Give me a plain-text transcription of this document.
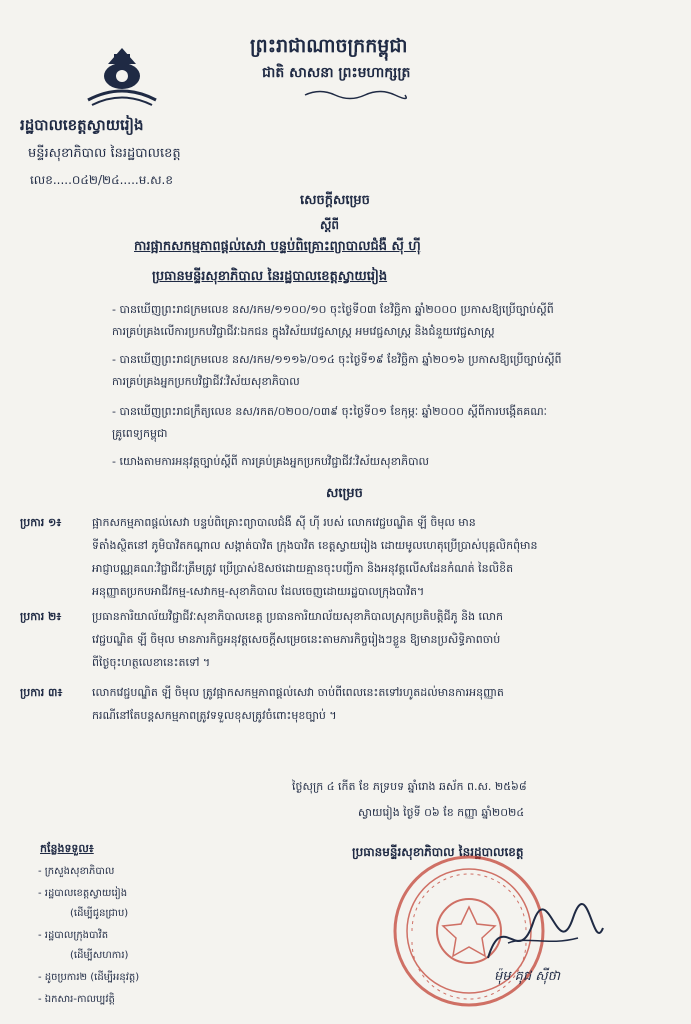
ព្រះរាជាណាចក្រកម្ពុជា
ជាតិ សាសនា ព្រះមហាក្សត្រ
រដ្ឋបាលខេត្តស្វាយរៀង
មន្ទីរសុខាភិបាល នៃរដ្ឋបាលខេត្ត
លេខ.....០៤២/២៤.....ម.ស.ខ
សេចក្តីសម្រេច
ស្តីពី
ការផ្អាកសកម្មភាពផ្តល់សេវា បន្ទប់ពិគ្រោះព្យាបាលជំងឺ ស៊ី ហ៊ី
ប្រធានមន្ទីរសុខាភិបាល នៃរដ្ឋបាលខេត្តស្វាយរៀង
- បានឃើញព្រះរាជក្រមលេខ នស/រកម/១១០០/១០ ចុះថ្ងៃទី០៣ ខែវិច្ឆិកា ឆ្នាំ២០០០ ប្រកាសឱ្យប្រើច្បាប់ស្តីពី
ការគ្រប់គ្រងលើការប្រកបវិជ្ជាជីវៈឯកជន ក្នុងវិស័យវេជ្ជសាស្ត្រ អមវេជ្ជសាស្ត្រ និងជំនួយវេជ្ជសាស្ត្រ
- បានឃើញព្រះរាជក្រមលេខ នស/រកម/១១១៦/០១៤ ចុះថ្ងៃទី១៩ ខែវិច្ឆិកា ឆ្នាំ២០១៦ ប្រកាសឱ្យប្រើច្បាប់ស្តីពី
ការគ្រប់គ្រងអ្នកប្រកបវិជ្ជាជីវៈវិស័យសុខាភិបាល
- បានឃើញព្រះរាជក្រឹត្យលេខ នស/រកត/០២០០/០៣៩ ចុះថ្ងៃទី០១ ខែកុម្ភៈ ឆ្នាំ២០០០ ស្តីពីការបង្កើតគណៈ
គ្រូពេទ្យកម្ពុជា
- យោងតាមការអនុវត្តច្បាប់ស្តីពី ការគ្រប់គ្រងអ្នកប្រកបវិជ្ជាជីវៈវិស័យសុខាភិបាល
សម្រេច
ប្រការ ១៖	ផ្អាកសកម្មភាពផ្តល់សេវា បន្ទប់ពិគ្រោះព្យាបាលជំងឺ ស៊ី ហ៊ី របស់ លោកវេជ្ជបណ្ឌិត ឡី ចិមុល មាន
ទីតាំងស្ថិតនៅ ភូមិបាវិតកណ្តាល សង្កាត់បាវិត ក្រុងបាវិត ខេត្តស្វាយរៀង ដោយមូលហេតុប្រើប្រាស់បុគ្គលិកពុំមាន
អាជ្ញាបណ្ណគណៈវិជ្ជាជីវៈត្រឹមត្រូវ ប្រើប្រាស់ឱសថដោយគ្មានចុះបញ្ជីកា និងអនុវត្តលើសដែនកំណត់ នៃលិខិត
អនុញ្ញាតប្រកបអាជីវកម្ម-សេវាកម្ម-សុខាភិបាល ដែលចេញដោយរដ្ឋបាលក្រុងបាវិត។
ប្រការ ២៖	ប្រធានការិយាល័យវិជ្ជាជីវៈសុខាភិបាលខេត្ត ប្រធានការិយាល័យសុខាភិបាលស្រុកប្រតិបត្តិជីភូ និង លោក
វេជ្ជបណ្ឌិត ឡី ចិមុល មានភារកិច្ចអនុវត្តសេចក្តីសម្រេចនេះតាមភារកិច្ចរៀងៗខ្លួន ឱ្យមានប្រសិទ្ធិភាពចាប់
ពីថ្ងៃចុះហត្ថលេខានេះតទៅ ។
ប្រការ ៣៖	លោកវេជ្ជបណ្ឌិត ឡី ចិមុល ត្រូវផ្អាកសកម្មភាពផ្តល់សេវា ចាប់ពីពេលនេះតទៅរហូតដល់មានការអនុញ្ញាត
ករណីនៅតែបន្តសកម្មភាពត្រូវទទួលខុសត្រូវចំពោះមុខច្បាប់ ។
ថ្ងៃសុក្រ ៤ កើត ខែ ភទ្របទ ឆ្នាំរោង ឆស័ក ព.ស. ២៥៦៨
ស្វាយរៀង ថ្ងៃទី ០៦ ខែ កញ្ញា ឆ្នាំ២០២៤
ប្រធានមន្ទីរសុខាភិបាល នៃរដ្ឋបាលខេត្ត
ម៉ុម គុជ ស៊ីថា
កន្លែងទទួល៖
- ក្រសួងសុខាភិបាល
- រដ្ឋបាលខេត្តស្វាយរៀង
(ដើម្បីជូនជ្រាប)
- រដ្ឋបាលក្រុងបាវិត
(ដើម្បីសហការ)
- ដូចប្រការ២ (ដើម្បីអនុវត្ត)
- ឯកសារ-កាលប្បវត្តិ
